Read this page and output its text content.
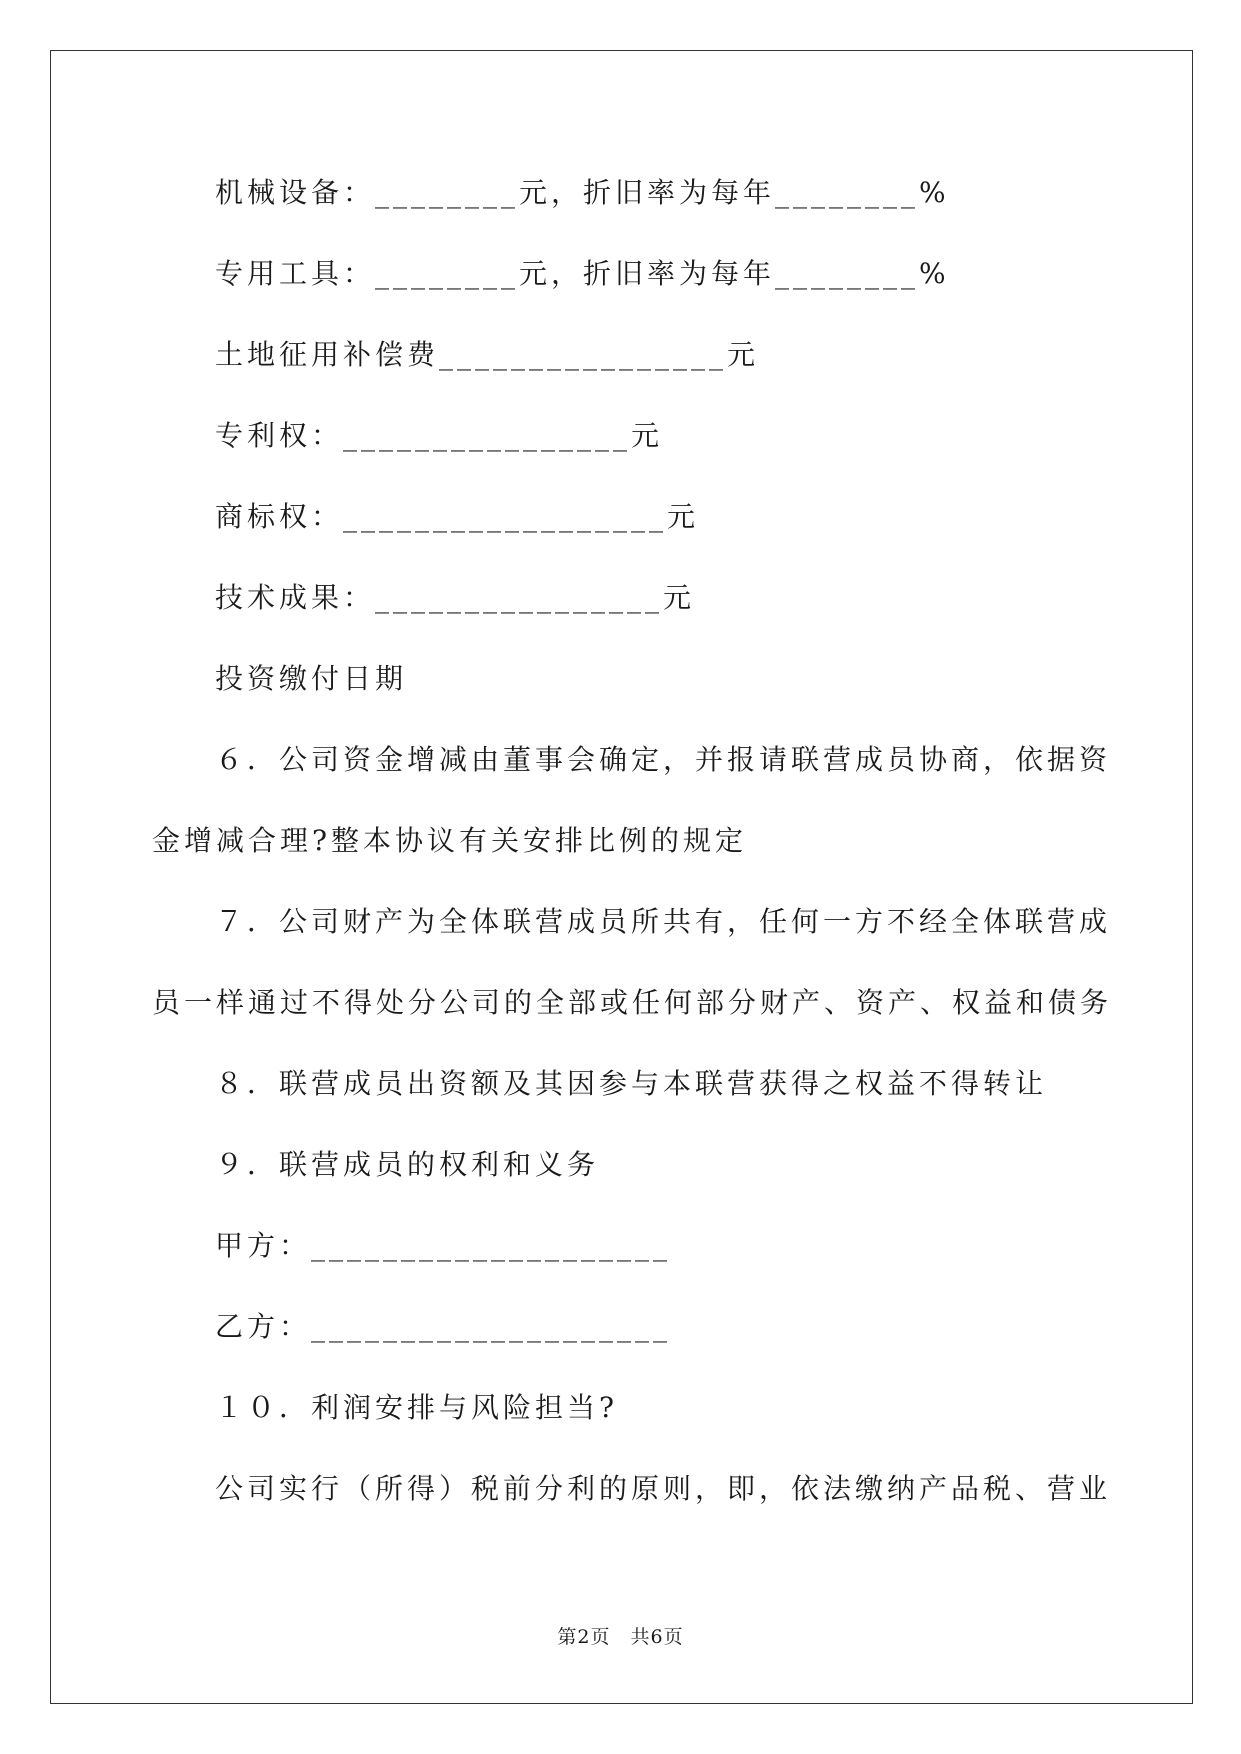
机械设备：________元，折旧率为每年________%
专用工具：________元，折旧率为每年________%
土地征用补偿费________________元
专利权：________________元
商标权：__________________元
技术成果：________________元
投资缴付日期
６．公司资金增减由董事会确定，并报请联营成员协商，依据资
金增减合理?整本协议有关安排比例的规定
７．公司财产为全体联营成员所共有，任何一方不经全体联营成
员一样通过不得处分公司的全部或任何部分财产、资产、权益和债务
８．联营成员出资额及其因参与本联营获得之权益不得转让
９．联营成员的权利和义务
甲方：____________________
乙方：____________________
１０．利润安排与风险担当?
公司实行（所得）税前分利的原则，即，依法缴纳产品税、营业
第2页　共6页
